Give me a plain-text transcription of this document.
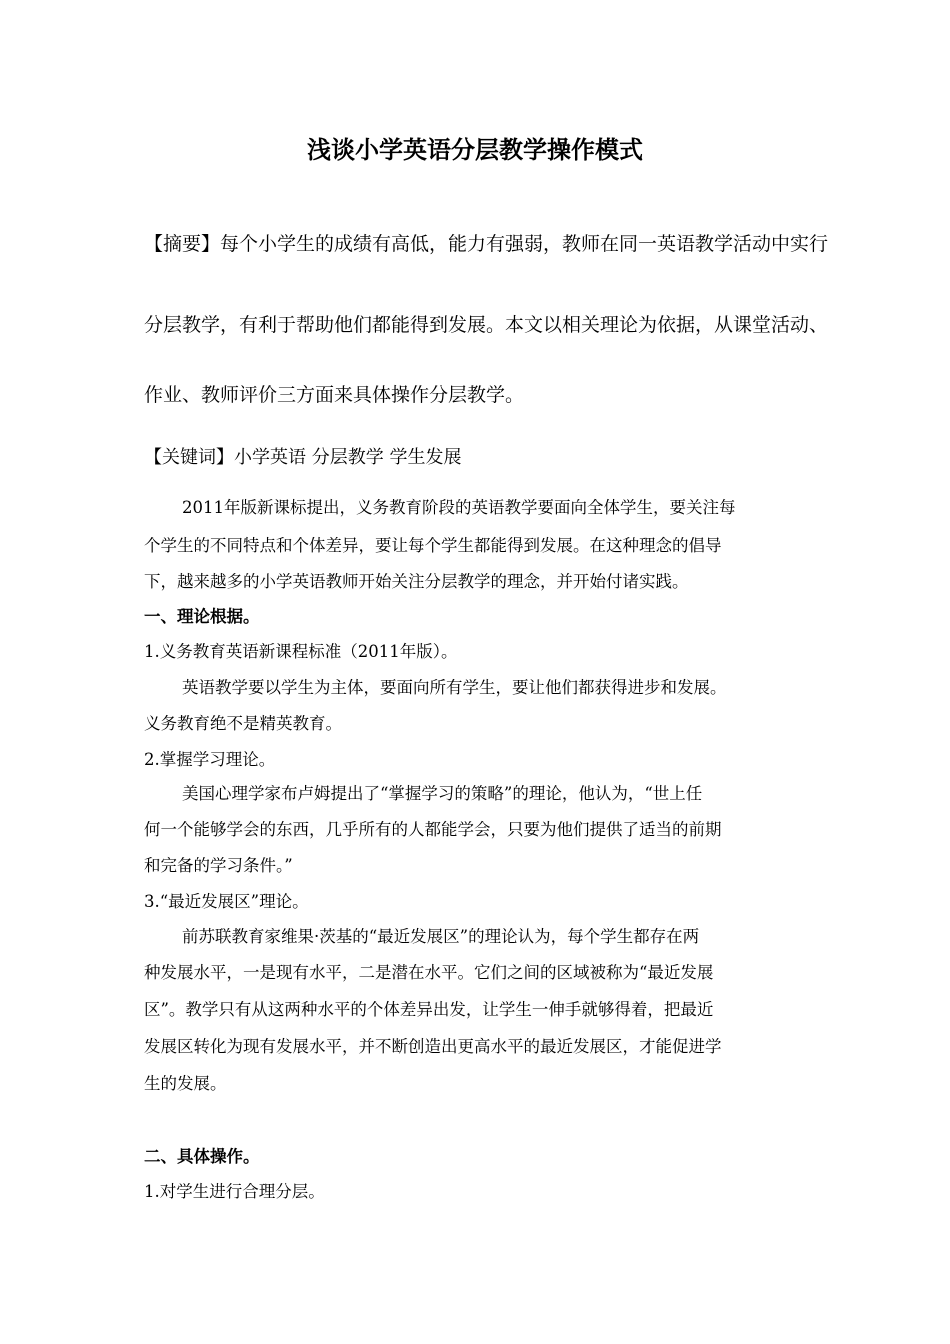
浅谈小学英语分层教学操作模式
【摘要】每个小学生的成绩有高低，能力有强弱，教师在同一英语教学活动中实行
分层教学，有利于帮助他们都能得到发展。本文以相关理论为依据，从课堂活动、
作业、教师评价三方面来具体操作分层教学。
【关键词】小学英语 分层教学 学生发展
2011年版新课标提出，义务教育阶段的英语教学要面向全体学生，要关注每
个学生的不同特点和个体差异，要让每个学生都能得到发展。在这种理念的倡导
下，越来越多的小学英语教师开始关注分层教学的理念，并开始付诸实践。
一、理论根据。
1.义务教育英语新课程标准（2011年版）。
英语教学要以学生为主体，要面向所有学生，要让他们都获得进步和发展。
义务教育绝不是精英教育。
2.掌握学习理论。
美国心理学家布卢姆提出了“掌握学习的策略”的理论，他认为，“世上任
何一个能够学会的东西，几乎所有的人都能学会，只要为他们提供了适当的前期
和完备的学习条件。”
3.“最近发展区”理论。
前苏联教育家维果·茨基的“最近发展区”的理论认为，每个学生都存在两
种发展水平，一是现有水平，二是潜在水平。它们之间的区域被称为“最近发展
区”。教学只有从这两种水平的个体差异出发，让学生一伸手就够得着，把最近
发展区转化为现有发展水平，并不断创造出更高水平的最近发展区，才能促进学
生的发展。
二、具体操作。
1.对学生进行合理分层。
